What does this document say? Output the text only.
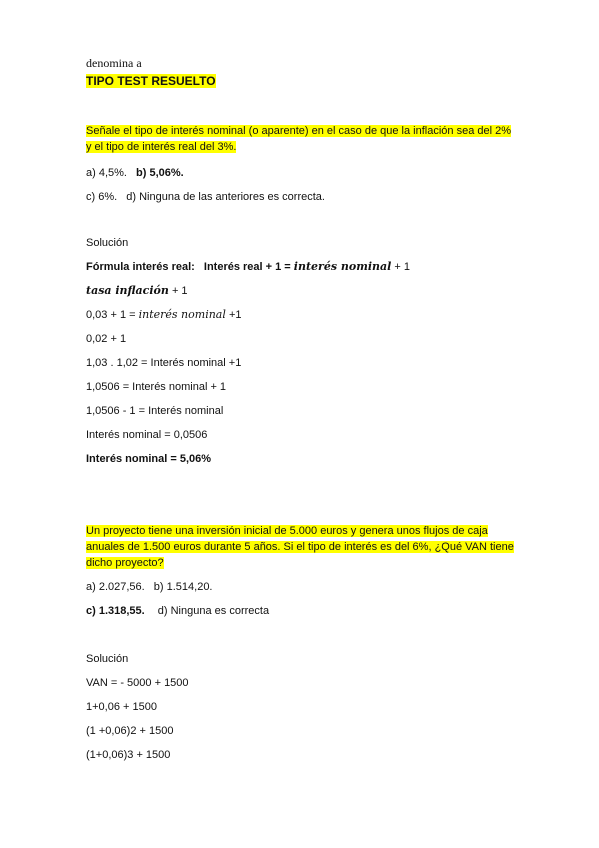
denomina a
TIPO TEST RESUELTO
Señale el tipo de interés nominal (o aparente) en el caso de que la inflación sea del 2%
y el tipo de interés real del 3%.
a) 4,5%. b) 5,06%.
c) 6%. d) Ninguna de las anteriores es correcta.
Solución
Fórmula interés real: Interés real + 1 = interés nominal + 1
tasa inflación + 1
0,03 + 1 = interés nominal +1
0,02 + 1
1,03 . 1,02 = Interés nominal +1
1,0506 = Interés nominal + 1
1,0506 - 1 = Interés nominal
Interés nominal = 0,0506
Interés nominal = 5,06%
Un proyecto tiene una inversión inicial de 5.000 euros y genera unos flujos de caja
anuales de 1.500 euros durante 5 años. Si el tipo de interés es del 6%, ¿Qué VAN tiene
dicho proyecto?
a) 2.027,56. b) 1.514,20.
c) 1.318,55. d) Ninguna es correcta
Solución
VAN = - 5000 + 1500
1+0,06 + 1500
(1 +0,06)2 + 1500
(1+0,06)3 + 1500
